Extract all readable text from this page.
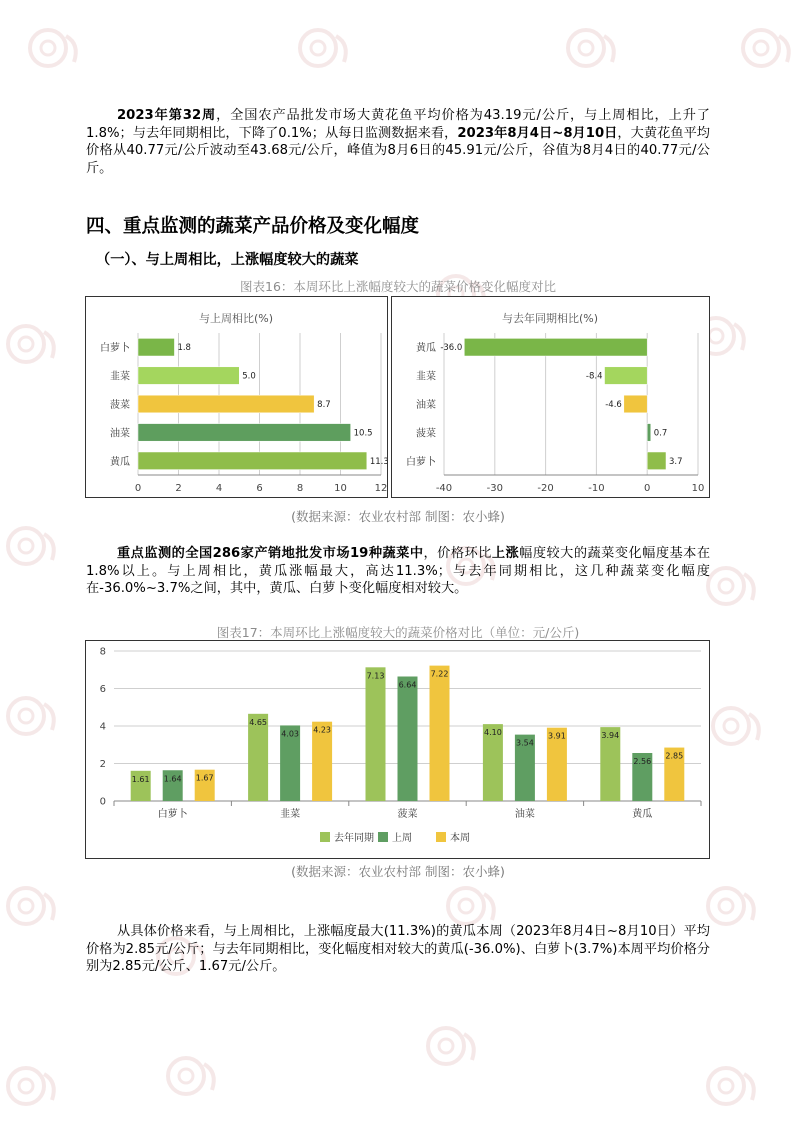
2023年第32周，全国农产品批发市场大黄花鱼平均价格为43.19元/公斤，与上周相比，上升了1.8%；与去年同期相比，下降了0.1%；从每日监测数据来看，2023年8月4日~8月10日，大黄花鱼平均价格从40.77元/公斤波动至43.68元/公斤，峰值为8月6日的45.91元/公斤，谷值为8月4日的40.77元/公斤。

四、重点监测的蔬菜产品价格及变化幅度
（一）、与上周相比，上涨幅度较大的蔬菜
图表16：本周环比上涨幅度较大的蔬菜价格变化幅度对比
与上周相比(%)
0	2	4	6	8	10	12
白萝卜	1.8
韭菜	5.0
菠菜	8.7
油菜	10.5
黄瓜	11.3
与去年同期相比(%)
-40	-30	-20	-10	0	10
黄瓜 -36.0
韭菜	-8.4
油菜	-4.6
菠菜	0.7
白萝卜	3.7
(数据来源：农业农村部 制图：农小蜂)

重点监测的全国286家产销地批发市场19种蔬菜中，价格环比上涨幅度较大的蔬菜变化幅度基本在1.8%以上。与上周相比，黄瓜涨幅最大，高达11.3%；与去年同期相比，这几种蔬菜变化幅度在-36.0%~3.7%之间，其中，黄瓜、白萝卜变化幅度相对较大。

图表17：本周环比上涨幅度较大的蔬菜价格对比（单位：元/公斤)
0
2
4
6
8
白萝卜
1.61 1.64 1.67
韭菜
4.65
4.03 4.23
菠菜
7.13
6.64
7.22
油菜
4.10
3.54
3.91
黄瓜
3.94
2.56
2.85
去年同期 上周	本周
(数据来源：农业农村部 制图：农小蜂)

从具体价格来看，与上周相比，上涨幅度最大(11.3%)的黄瓜本周（2023年8月4日~8月10日）平均价格为2.85元/公斤；与去年同期相比，变化幅度相对较大的黄瓜(-36.0%)、白萝卜(3.7%)本周平均价格分别为2.85元/公斤、1.67元/公斤。
